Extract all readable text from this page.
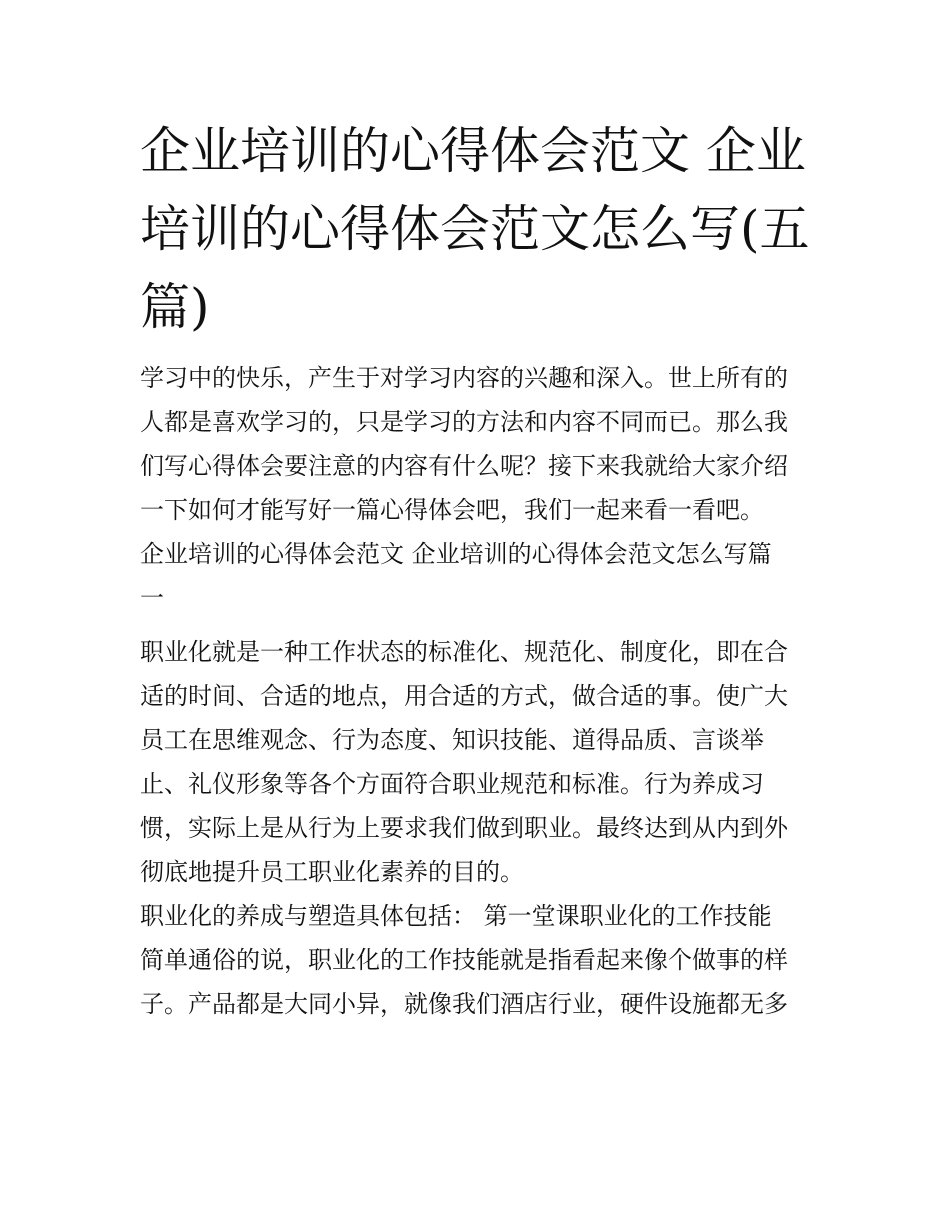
企业培训的心得体会范文 企业
培训的心得体会范文怎么写(五
篇)

学习中的快乐，产生于对学习内容的兴趣和深入。世上所有的
人都是喜欢学习的，只是学习的方法和内容不同而已。那么我
们写心得体会要注意的内容有什么呢？接下来我就给大家介绍
一下如何才能写好一篇心得体会吧，我们一起来看一看吧。

企业培训的心得体会范文 企业培训的心得体会范文怎么写篇
一

职业化就是一种工作状态的标准化、规范化、制度化，即在合
适的时间、合适的地点，用合适的方式，做合适的事。使广大
员工在思维观念、行为态度、知识技能、道得品质、言谈举
止、礼仪形象等各个方面符合职业规范和标准。行为养成习
惯，实际上是从行为上要求我们做到职业。最终达到从内到外
彻底地提升员工职业化素养的目的。

职业化的养成与塑造具体包括： 第一堂课职业化的工作技能
简单通俗的说，职业化的工作技能就是指看起来像个做事的样
子。产品都是大同小异，就像我们酒店行业，硬件设施都无多
